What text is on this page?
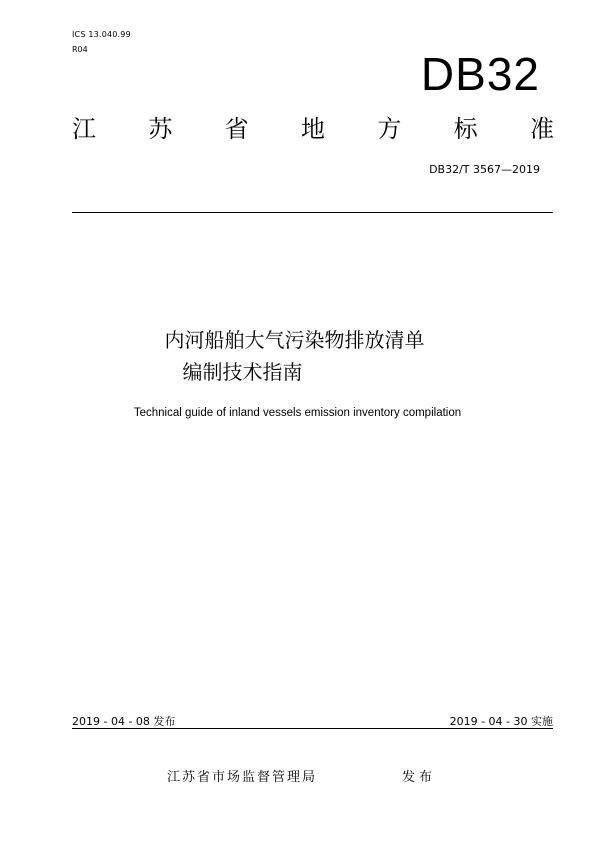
ICS 13.040.99
R04	DB32
江 苏 省 地 方 标 准
DB32/T 3567—2019
内河船舶大气污染物排放清单
编制技术指南
Technical guide of inland vessels emission inventory compilation
2019 - 04 - 08 发布	2019 - 04 - 30 实施
江苏省市场监督管理局	发布
